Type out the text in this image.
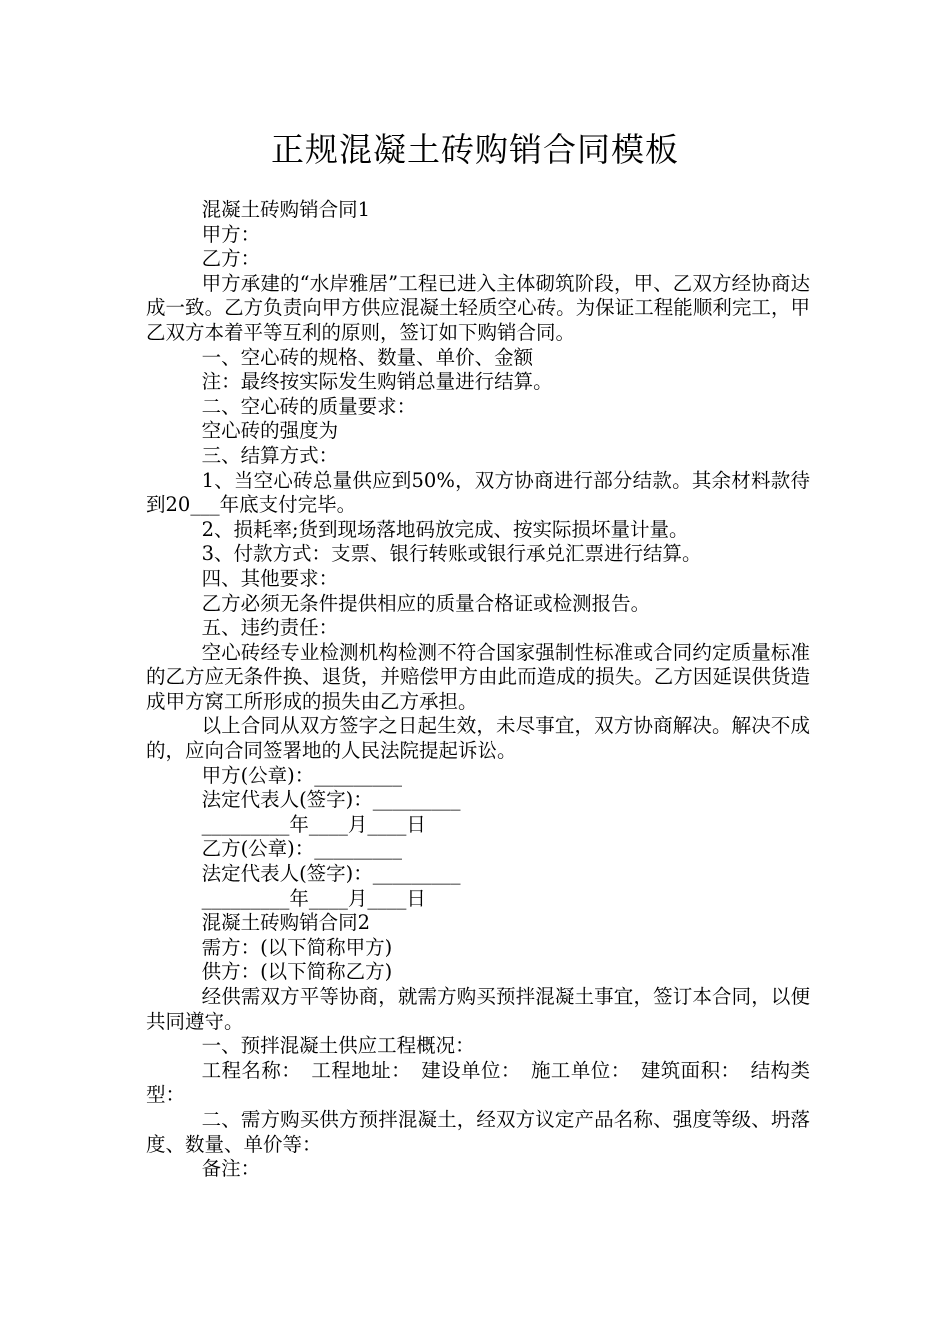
正规混凝土砖购销合同模板

混凝土砖购销合同1

甲方：

乙方：

甲方承建的“水岸雅居”工程已进入主体砌筑阶段，甲、乙双方经协商达成一致。乙方负责向甲方供应混凝土轻质空心砖。为保证工程能顺利完工，甲乙双方本着平等互利的原则，签订如下购销合同。

一、空心砖的规格、数量、单价、金额

注：最终按实际发生购销总量进行结算。

二、空心砖的质量要求：

空心砖的强度为

三、结算方式：

1、当空心砖总量供应到50%，双方协商进行部分结款。其余材料款待到20___年底支付完毕。

2、损耗率;货到现场落地码放完成、按实际损坏量计量。

3、付款方式：支票、银行转账或银行承兑汇票进行结算。

四、其他要求：

乙方必须无条件提供相应的质量合格证或检测报告。

五、违约责任：

空心砖经专业检测机构检测不符合国家强制性标准或合同约定质量标准的乙方应无条件换、退货，并赔偿甲方由此而造成的损失。乙方因延误供货造成甲方窝工所形成的损失由乙方承担。

以上合同从双方签字之日起生效，未尽事宜，双方协商解决。解决不成的，应向合同签署地的人民法院提起诉讼。

甲方(公章)：_________

法定代表人(签字)：_________

_________年____月____日

乙方(公章)：_________

法定代表人(签字)：_________

_________年____月____日

混凝土砖购销合同2

需方：(以下简称甲方)

供方：(以下简称乙方)

经供需双方平等协商，就需方购买预拌混凝土事宜，签订本合同，以便共同遵守。

一、预拌混凝土供应工程概况：

工程名称：　工程地址：　建设单位：　施工单位：　建筑面积：　结构类型：

二、需方购买供方预拌混凝土，经双方议定产品名称、强度等级、坍落度、数量、单价等：

备注：
